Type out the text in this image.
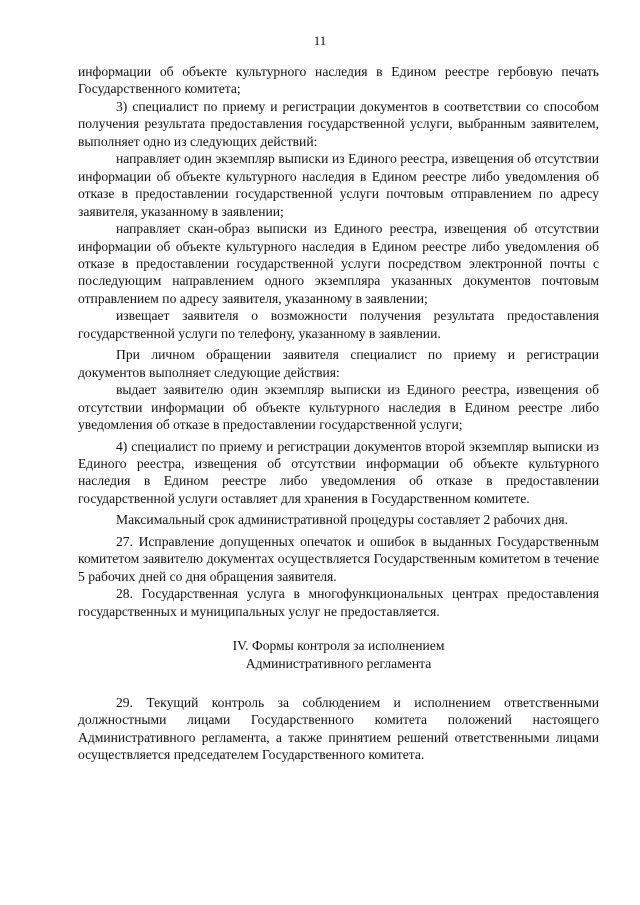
11

информации об объекте культурного наследия в Едином реестре гербовую печать Государственного комитета;

3) специалист по приему и регистрации документов в соответствии со способом получения результата предоставления государственной услуги, выбранным заявителем, выполняет одно из следующих действий:

направляет один экземпляр выписки из Единого реестра, извещения об отсутствии информации об объекте культурного наследия в Едином реестре либо уведомления об отказе в предоставлении государственной услуги почтовым отправлением по адресу заявителя, указанному в заявлении;

направляет скан-образ выписки из Единого реестра, извещения об отсутствии информации об объекте культурного наследия в Едином реестре либо уведомления об отказе в предоставлении государственной услуги посредством электронной почты с последующим направлением одного экземпляра указанных документов почтовым отправлением по адресу заявителя, указанному в заявлении;

извещает заявителя о возможности получения результата предоставления государственной услуги по телефону, указанному в заявлении.

При личном обращении заявителя специалист по приему и регистрации документов выполняет следующие действия:

выдает заявителю один экземпляр выписки из Единого реестра, извещения об отсутствии информации об объекте культурного наследия в Едином реестре либо уведомления об отказе в предоставлении государственной услуги;

4) специалист по приему и регистрации документов второй экземпляр выписки из Единого реестра, извещения об отсутствии информации об объекте культурного наследия в Едином реестре либо уведомления об отказе в предоставлении государственной услуги оставляет для хранения в Государственном комитете.

Максимальный срок административной процедуры составляет 2 рабочих дня.

27. Исправление допущенных опечаток и ошибок в выданных Государственным комитетом заявителю документах осуществляется Государственным комитетом в течение 5 рабочих дней со дня обращения заявителя.

28. Государственная услуга в многофункциональных центрах предоставления государственных и муниципальных услуг не предоставляется.

IV. Формы контроля за исполнением
Административного регламента

29. Текущий контроль за соблюдением и исполнением ответственными должностными лицами Государственного комитета положений настоящего Административного регламента, а также принятием решений ответственными лицами осуществляется председателем Государственного комитета.
